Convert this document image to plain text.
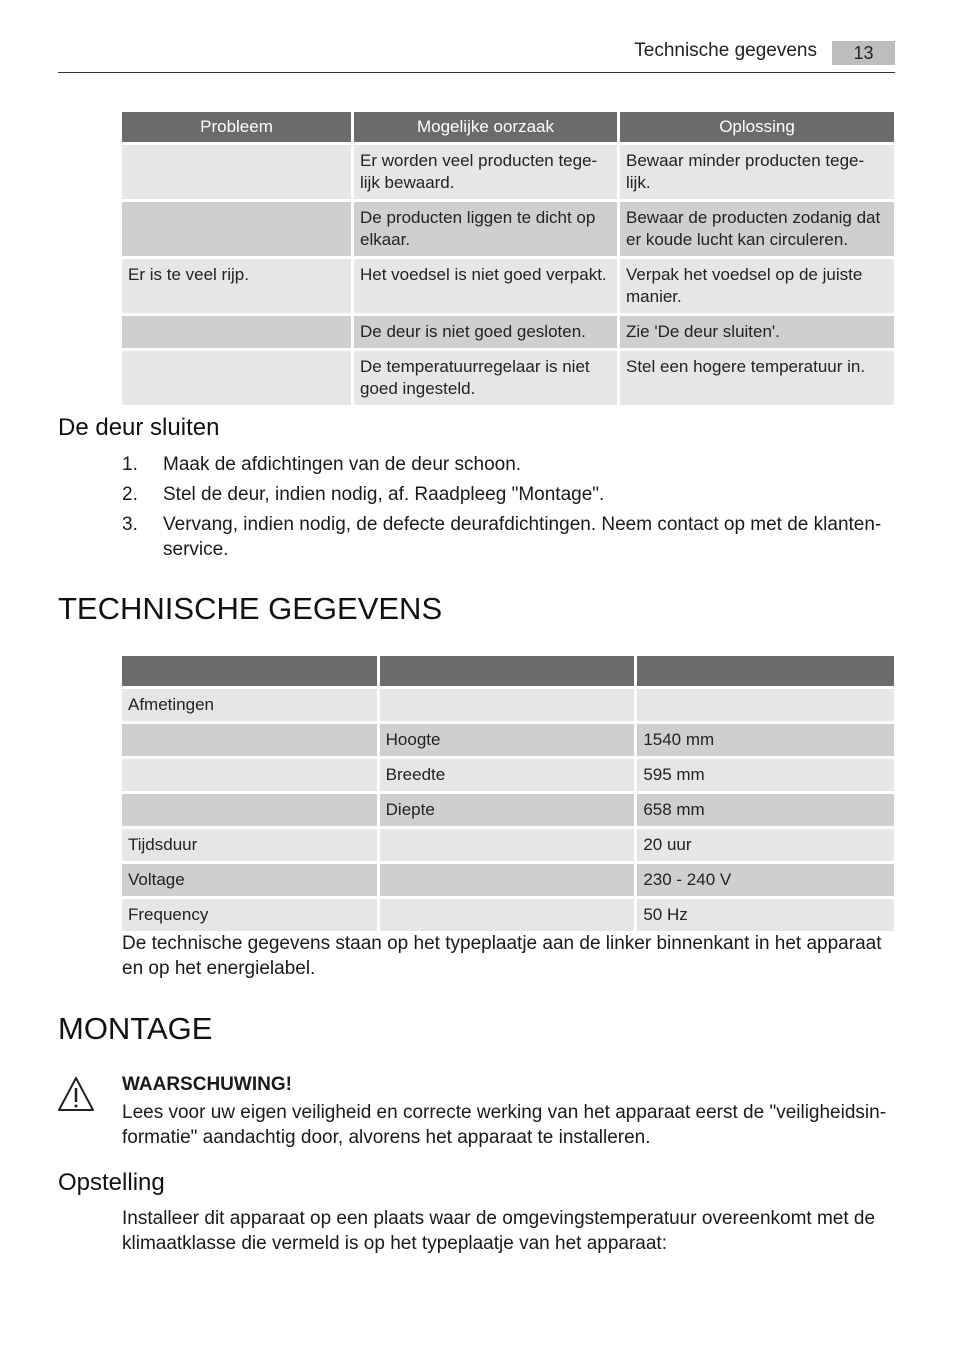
Technische gegevens	13
Probleem	Mogelijke oorzaak	Oplossing
	Er worden veel producten tege-lijk bewaard.	Bewaar minder producten tege-lijk.
	De producten liggen te dicht op elkaar.	Bewaar de producten zodanig dat er koude lucht kan circuleren.
Er is te veel rijp.	Het voedsel is niet goed verpakt.	Verpak het voedsel op de juiste manier.
	De deur is niet goed gesloten.	Zie 'De deur sluiten'.
	De temperatuurregelaar is niet goed ingesteld.	Stel een hogere temperatuur in.
De deur sluiten
1. Maak de afdichtingen van de deur schoon.
2. Stel de deur, indien nodig, af. Raadpleeg "Montage".
3. Vervang, indien nodig, de defecte deurafdichtingen. Neem contact op met de klanten-service.
TECHNISCHE GEGEVENS

Afmetingen		
	Hoogte	1540 mm
	Breedte	595 mm
	Diepte	658 mm
Tijdsduur		20 uur
Voltage		230 - 240 V
Frequency		50 Hz

De technische gegevens staan op het typeplaatje aan de linker binnenkant in het apparaat en op het energielabel.

MONTAGE
WAARSCHUWING!

Lees voor uw eigen veiligheid en correcte werking van het apparaat eerst de "veiligheidsin-formatie" aandachtig door, alvorens het apparaat te installeren.

Opstelling

Installeer dit apparaat op een plaats waar de omgevingstemperatuur overeenkomt met de klimaatklasse die vermeld is op het typeplaatje van het apparaat:
